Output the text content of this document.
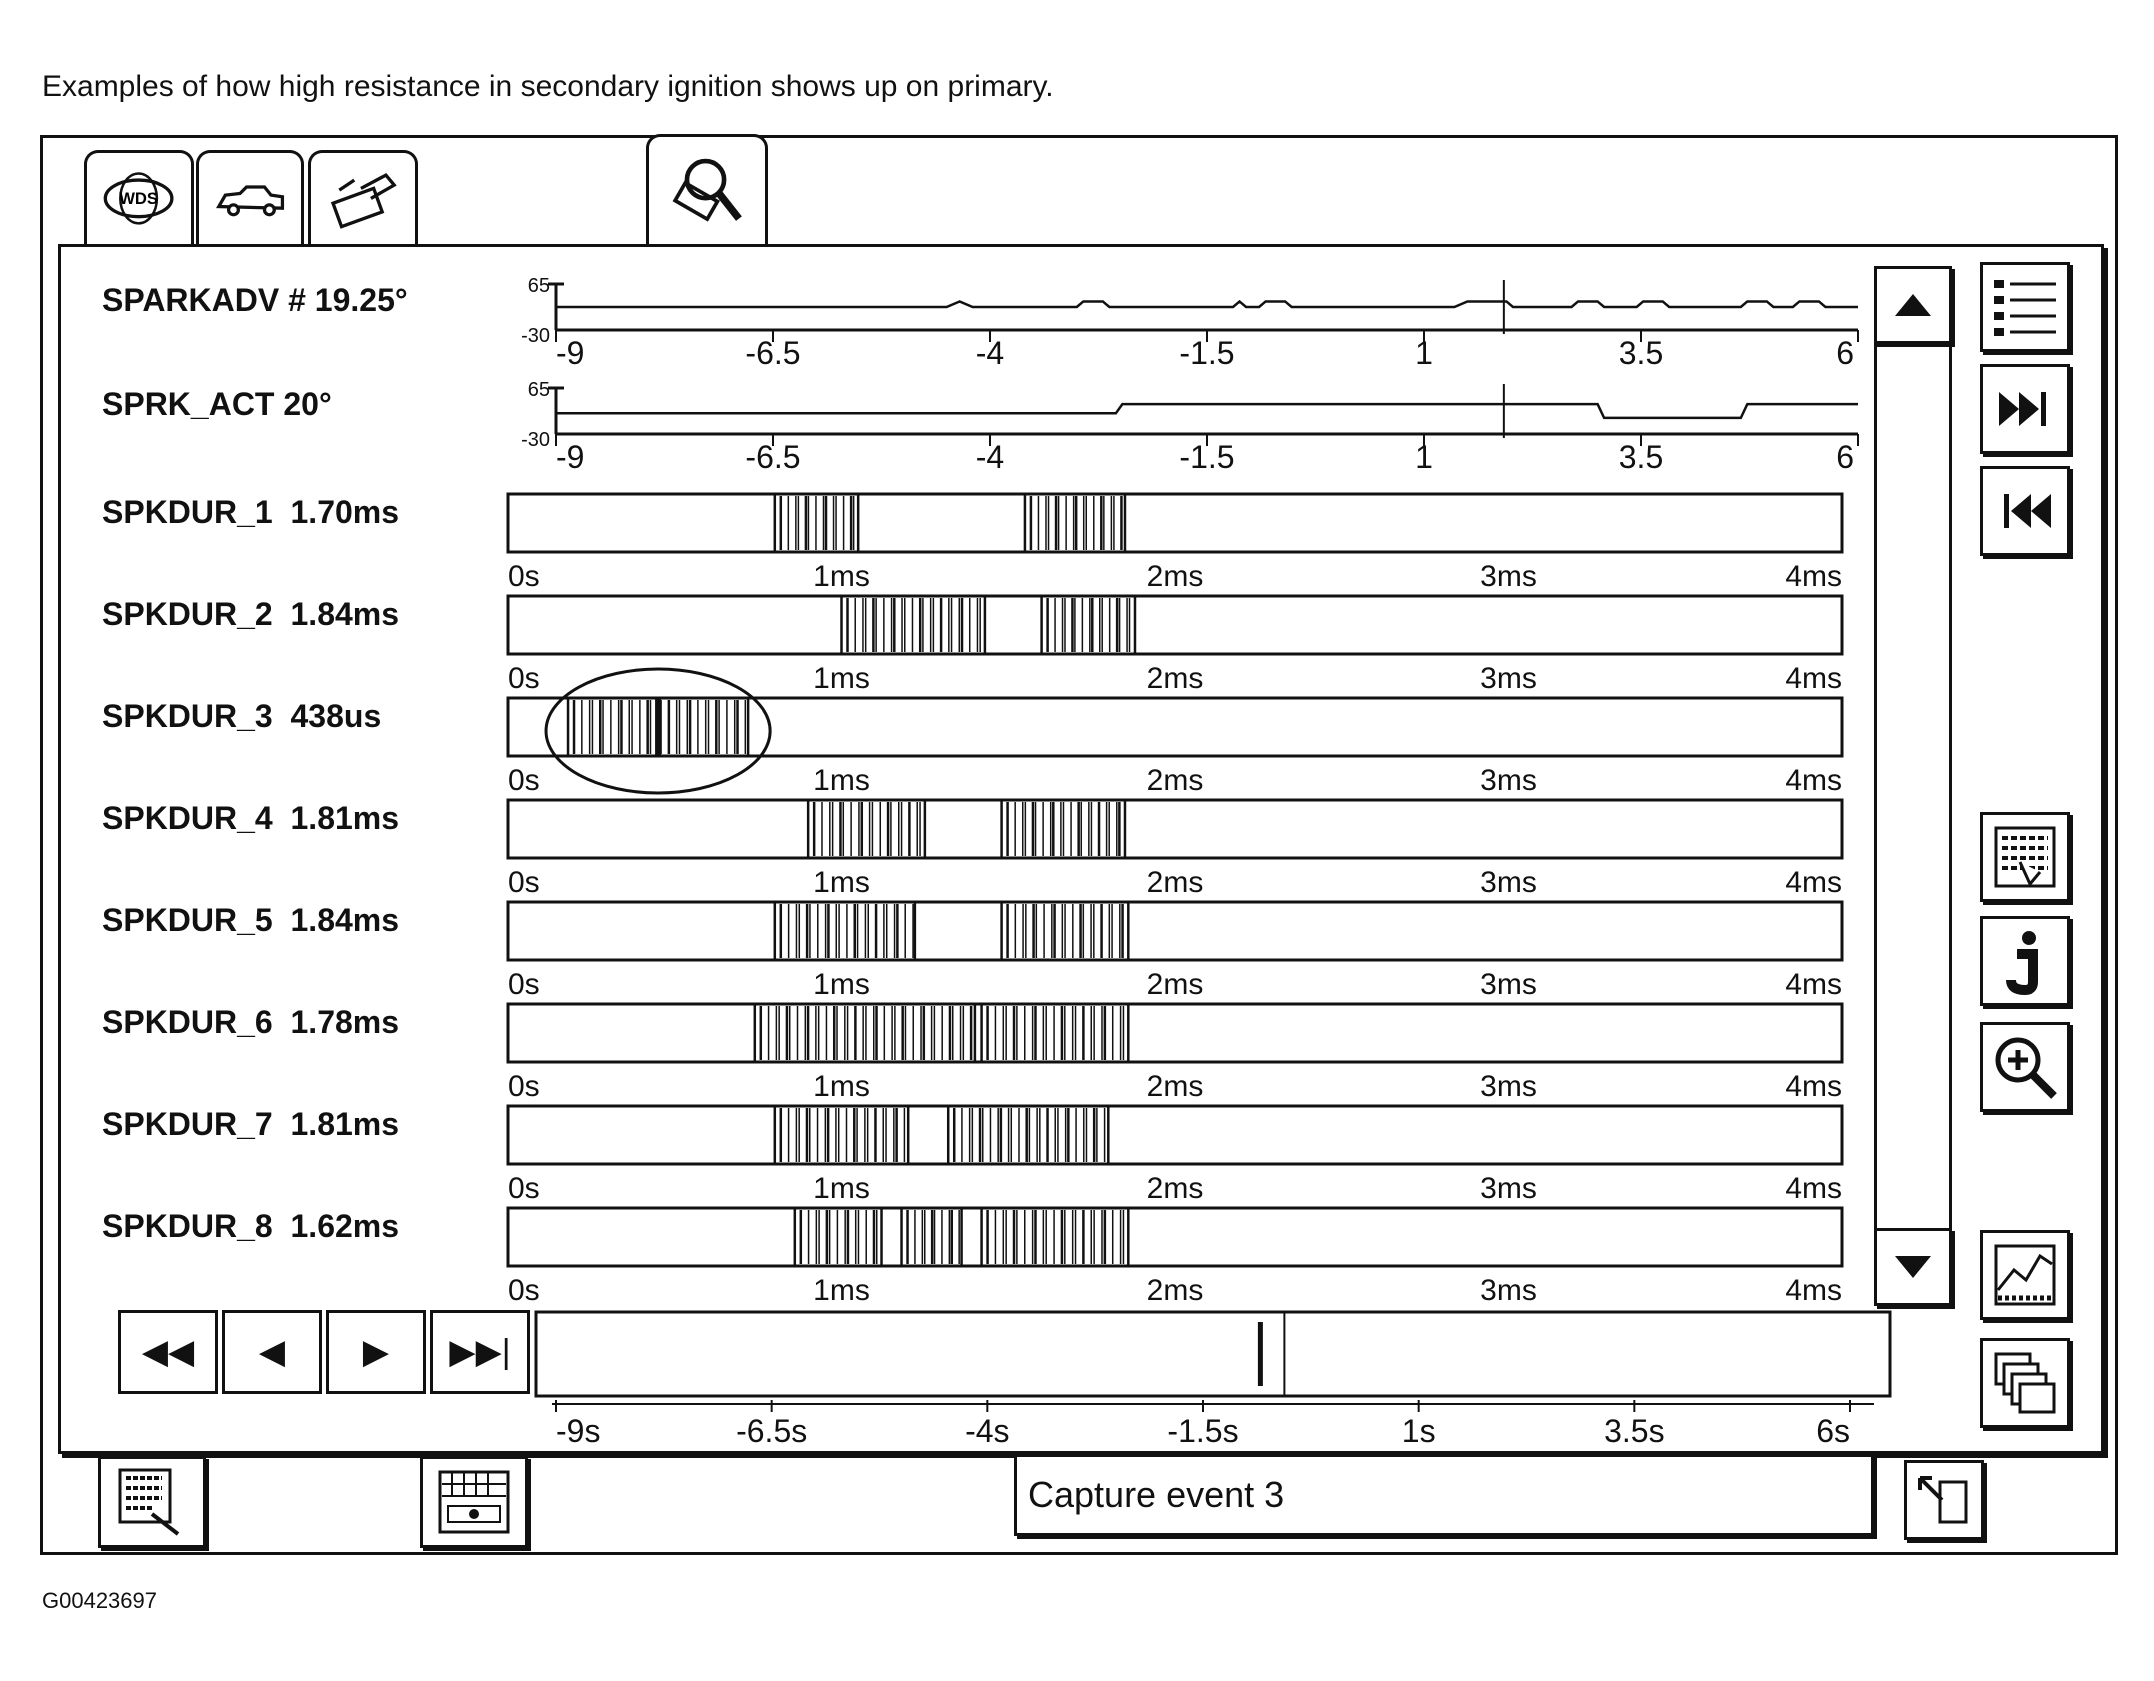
Examples of how high resistance in secondary ignition shows up on primary.
G00423697
WDS
SPARKADV # 19.25°
SPRK_ACT 20°
SPKDUR_1  1.70ms
SPKDUR_2  1.84ms
SPKDUR_3  438us
SPKDUR_4  1.81ms
SPKDUR_5  1.84ms
SPKDUR_6  1.78ms
SPKDUR_7  1.81ms
SPKDUR_8  1.62ms
65
-30 -9	-6.5	-4	-1.5	1	3.5	6
65
-30 -9	-6.5	-4	-1.5	1	3.5	6
0s	1ms	2ms	3ms	4ms
0s	1ms	2ms	3ms	4ms
0s	1ms	2ms	3ms	4ms
0s	1ms	2ms	3ms	4ms
0s	1ms	2ms	3ms	4ms
0s	1ms	2ms	3ms	4ms
0s	1ms	2ms	3ms	4ms
0s	1ms	2ms	3ms	4ms
-9s	-6.5s	-4s	-1.5s	1s	3.5s	6s
◀◀ ◀ ▶ ▶▶|
Capture event 3
